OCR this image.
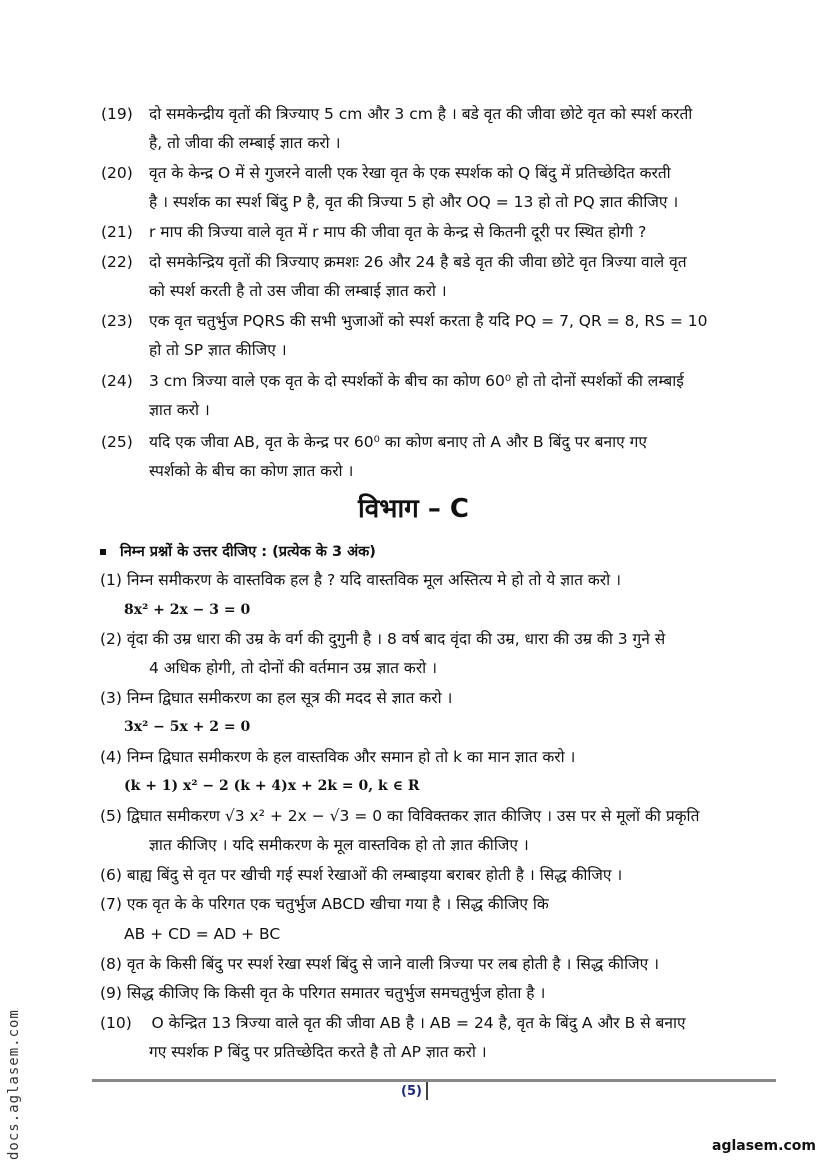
(19) दो समकेन्द्रीय वृतों की त्रिज्याए 5 cm और 3 cm है । बडे वृत की जीवा छोटे वृत को स्पर्श करती
है, तो जीवा की लम्बाई ज्ञात करो ।
(20) वृत के केन्द्र O में से गुजरने वाली एक रेखा वृत के एक स्पर्शक को Q बिंदु में प्रतिच्छेदित करती
है । स्पर्शक का स्पर्श बिंदु P है, वृत की त्रिज्या 5 हो और OQ = 13 हो तो PQ ज्ञात कीजिए ।
(21) r माप की त्रिज्या वाले वृत में r माप की जीवा वृत के केन्द्र से कितनी दूरी पर स्थित होगी ?
(22) दो समकेन्द्रिय वृतों की त्रिज्याए क्रमशः 26 और 24 है बडे वृत की जीवा छोटे वृत त्रिज्या वाले वृत
को स्पर्श करती है तो उस जीवा की लम्बाई ज्ञात करो ।
(23) एक वृत चतुर्भुज PQRS की सभी भुजाओं को स्पर्श करता है यदि PQ = 7, QR = 8, RS = 10
हो तो SP ज्ञात कीजिए ।
(24) 3 cm त्रिज्या वाले एक वृत के दो स्पर्शकों के बीच का कोण 60⁰ हो तो दोनों स्पर्शकों की लम्बाई
ज्ञात करो ।
(25) यदि एक जीवा AB, वृत के केन्द्र पर 60⁰ का कोण बनाए तो A और B बिंदु पर बनाए गए
स्पर्शको के बीच का कोण ज्ञात करो ।
विभाग – C
निम्न प्रश्नों के उत्तर दीजिए : (प्रत्येक के 3 अंक)
(1) निम्न समीकरण के वास्तविक हल है ? यदि वास्तविक मूल अस्तित्य मे हो तो ये ज्ञात करो ।
8x² + 2x − 3 = 0
(2) वृंदा की उम्र धारा की उम्र के वर्ग की दुगुनी है । 8 वर्ष बाद वृंदा की उम्र, धारा की उम्र की 3 गुने से
4 अधिक होगी, तो दोनों की वर्तमान उम्र ज्ञात करो ।
(3) निम्न द्विघात समीकरण का हल सूत्र की मदद से ज्ञात करो ।
3x² − 5x + 2 = 0
(4) निम्न द्विघात समीकरण के हल वास्तविक और समान हो तो k का मान ज्ञात करो ।
(k + 1) x² − 2 (k + 4)x + 2k = 0, k ∈ R
(5) द्विघात समीकरण √3 x² + 2x − √3 = 0 का विविक्तकर ज्ञात कीजिए । उस पर से मूलों की प्रकृति
ज्ञात कीजिए । यदि समीकरण के मूल वास्तविक हो तो ज्ञात कीजिए ।
(6) बाह्य बिंदु से वृत पर खीची गई स्पर्श रेखाओं की लम्बाइया बराबर होती है । सिद्ध कीजिए ।
(7) एक वृत के के परिगत एक चतुर्भुज ABCD खीचा गया है । सिद्ध कीजिए कि
AB + CD = AD + BC
(8) वृत के किसी बिंदु पर स्पर्श रेखा स्पर्श बिंदु से जाने वाली त्रिज्या पर लब होती है । सिद्ध कीजिए ।
(9) सिद्ध कीजिए कि किसी वृत के परिगत समातर चतुर्भुज समचतुर्भुज होता है ।
(10)    O केन्द्रित 13 त्रिज्या वाले वृत की जीवा AB है । AB = 24 है, वृत के बिंदु A और B से बनाए
गए स्पर्शक P बिंदु पर प्रतिच्छेदित करते है तो AP ज्ञात करो ।
(5)
docs.aglasem.com	aglasem.com
